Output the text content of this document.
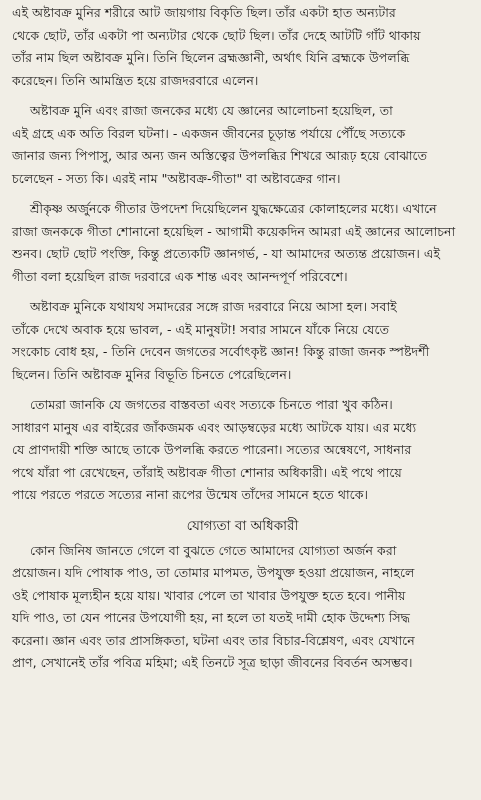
এই অষ্টাবক্র মুনির শরীরে আট জায়গায় বিকৃতি ছিল। তাঁর একটা হাত অন্যটার

থেকে ছোট, তাঁর একটা পা অন্যটার থেকে ছোট ছিল। তাঁর দেহে আটটি গাঁট থাকায়

তাঁর নাম ছিল অষ্টাবক্র মুনি। তিনি ছিলেন ব্রহ্মজ্ঞানী, অর্থাৎ যিনি ব্রহ্মকে উপলব্ধি

করেছেন। তিনি আমন্ত্রিত হয়ে রাজদরবারে এলেন।

অষ্টাবক্র মুনি এবং রাজা জনকের মধ্যে যে জ্ঞানের আলোচনা হয়েছিল, তা

এই গ্রহে এক অতি বিরল ঘটনা। - একজন জীবনের চূড়ান্ত পর্যায়ে পৌঁছে সত্যকে

জানার জন্য পিপাসু, আর অন্য জন অস্তিত্বের উপলব্ধির শিখরে আরূঢ় হয়ে বোঝাতে

চলেছেন - সত্য কি। এরই নাম "অষ্টাবক্র-গীতা" বা অষ্টাবক্রের গান।

শ্রীকৃষ্ণ অর্জুনকে গীতার উপদেশ দিয়েছিলেন যুদ্ধক্ষেত্রের কোলাহলের মধ্যে। এখানে

রাজা জনককে গীতা শোনানো হয়েছিল - আগামী কয়েকদিন আমরা এই জ্ঞানের আলোচনা

শুনব। ছোট ছোট পংক্তি, কিন্তু প্রত্যেকটি জ্ঞানগর্ভ, - যা আমাদের অত্যন্ত প্রয়োজন। এই

গীতা বলা হয়েছিল রাজ দরবারে এক শান্ত এবং আনন্দপূর্ণ পরিবেশে।

অষ্টাবক্র মুনিকে যথাযথ সমাদরের সঙ্গে রাজ দরবারে নিয়ে আসা হল। সবাই

তাঁকে দেখে অবাক হয়ে ভাবল, - এই মানুষটা! সবার সামনে যাঁকে নিয়ে যেতে

সংকোচ বোধ হয়, - তিনি দেবেন জগতের সর্বোৎকৃষ্ট জ্ঞান! কিন্তু রাজা জনক স্পষ্টদর্শী

ছিলেন। তিনি অষ্টাবক্র মুনির বিভূতি চিনতে পেরেছিলেন।

তোমরা জানকি যে জগতের বাস্তবতা এবং সত্যকে চিনতে পারা খুব কঠিন।

সাধারণ মানুষ এর বাইরের জাঁকজমক এবং আড়ম্বড়ের মধ্যে আটকে যায়। এর মধ্যে

যে প্রাণদায়ী শক্তি আছে তাকে উপলব্ধি করতে পারেনা। সত্যের অন্বেষণে, সাধনার

পথে যাঁরা পা রেখেছেন, তাঁরাই অষ্টাবক্র গীতা শোনার অধিকারী। এই পথে পায়ে

পায়ে পরতে পরতে সত্যের নানা রূপের উন্মেষ তাঁদের সামনে হতে থাকে।

যোগ্যতা বা অধিকারী

কোন জিনিষ জানতে গেলে বা বুঝতে গেতে আমাদের যোগ্যতা অর্জন করা

প্রয়োজন। যদি পোষাক পাও, তা তোমার মাপমত, উপযুক্ত হওয়া প্রয়োজন, নাহলে

ওই পোষাক মূল্যহীন হয়ে যায়। খাবার পেলে তা খাবার উপযুক্ত হতে হবে। পানীয়

যদি পাও, তা যেন পানের উপযোগী হয়, না হলে তা যতই দামী হোক উদ্দেশ্য সিদ্ধ

করেনা। জ্ঞান এবং তার প্রাসঙ্গিকতা, ঘটনা এবং তার বিচার-বিশ্লেষণ, এবং যেখানে

প্রাণ, সেখানেই তাঁর পবিত্র মহিমা; এই তিনটে সূত্র ছাড়া জীবনের বিবর্তন অসম্ভব।
